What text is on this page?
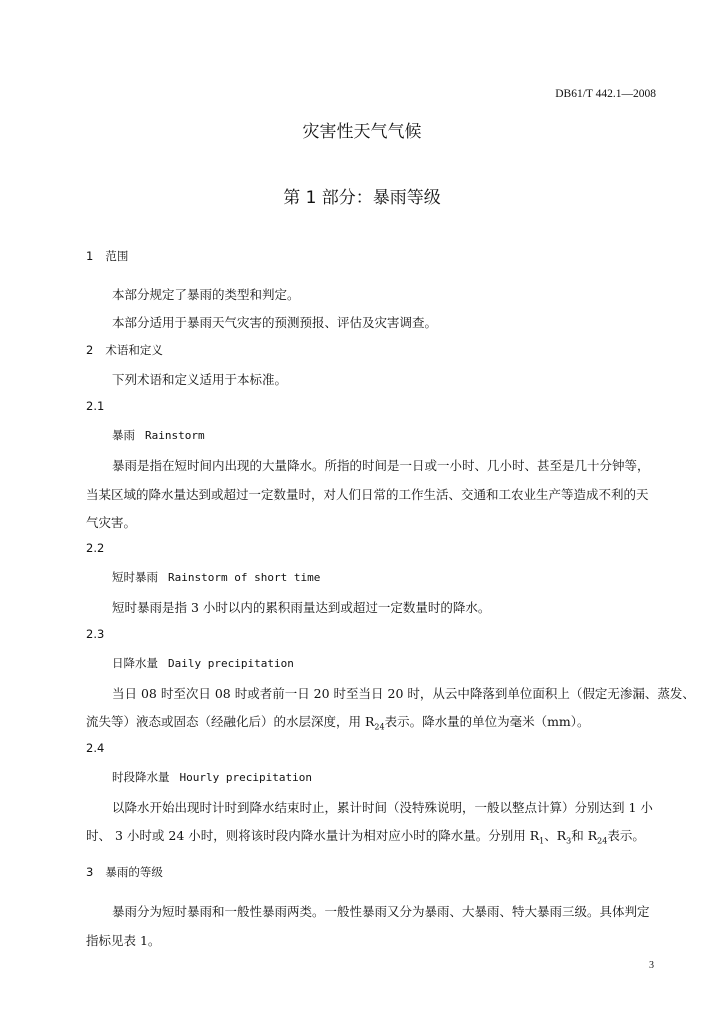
DB61/T 442.1—2008
灾害性天气气候
第 1 部分：暴雨等级
1 范围
本部分规定了暴雨的类型和判定。
本部分适用于暴雨天气灾害的预测预报、评估及灾害调查。
2 术语和定义
下列术语和定义适用于本标准。
2.1
暴雨 Rainstorm
暴雨是指在短时间内出现的大量降水。所指的时间是一日或一小时、几小时、甚至是几十分钟等，
当某区域的降水量达到或超过一定数量时，对人们日常的工作生活、交通和工农业生产等造成不利的天
气灾害。
2.2
短时暴雨 Rainstorm of short time
短时暴雨是指 3 小时以内的累积雨量达到或超过一定数量时的降水。
2.3
日降水量 Daily precipitation
当日 08 时至次日 08 时或者前一日 20 时至当日 20 时，从云中降落到单位面积上（假定无渗漏、蒸发、
流失等）液态或固态（经融化后）的水层深度，用 $R_{24}$表示。降水量的单位为毫米（mm）。
2.4
时段降水量 Hourly precipitation
以降水开始出现时计时到降水结束时止，累计时间（没特殊说明，一般以整点计算）分别达到 1 小
时、 3 小时或 24 小时，则将该时段内降水量计为相对应小时的降水量。分别用 $R_1$、$R_3$和 $R_{24}$表示。
3 暴雨的等级
暴雨分为短时暴雨和一般性暴雨两类。一般性暴雨又分为暴雨、大暴雨、特大暴雨三级。具体判定
指标见表 1。
3
